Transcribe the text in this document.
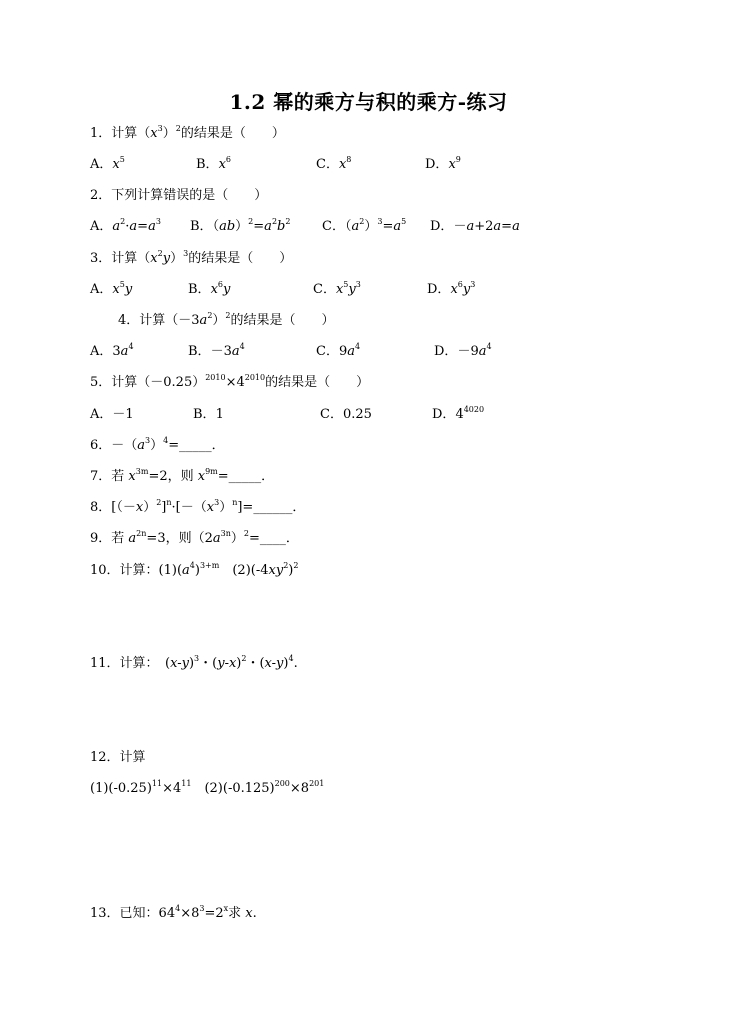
1.2 幂的乘方与积的乘方-练习
1．计算$(x^3)^2$的结果是（　　）
A．$x^5$	B．$x^6$	C．$x^8$	D．$x^9$
2．下列计算错误的是（　　）
A．$a^2\cdot a=a^3$ B．$(ab)^2=a^2b^2$ C．$(a^2)^3=a^5$ D．－a+2a=a
3．计算$(x^2y)^3$的结果是（　　）
A．$x^5y$	B．$x^6y$	C．$x^5y^3$	D．$x^6y^3$
4．计算$(-3a^2)^2$的结果是（　　）
A．$3a^4$	B．$-3a^4$	C．$9a^4$	D．$-9a^4$
5．计算$(-0.25)^{2010}\times 4^{2010}$的结果是（　　）
A．－1	B．1	C．0.25	D．$4^{4020}$
6．$-(a^3)^4=\_\_\_\_\_$．
7．若 $x^{3m}=2$，则 $x^{9m}=\_\_\_\_\_$．
8．$[(-x)^2]^n\cdot[-(x^3)^n]=\_\_\_\_\_\_$．
9．若 $a^{2n}=3$，则$(2a^{3n})^2=\_\_\_\_$．
10．计算：$(1)(a^4)^{3+m}$　$(2)(-4xy^2)^2$
11．计算：　$(x-y)^3$・$(y-x)^2$・$(x-y)^4$.
12．计算
$(1)(-0.25)^{11}\times 4^{11}$　$(2)(-0.125)^{200}\times 8^{201}$
13．已知：$64^4\times 8^3=2^x$求 x.
